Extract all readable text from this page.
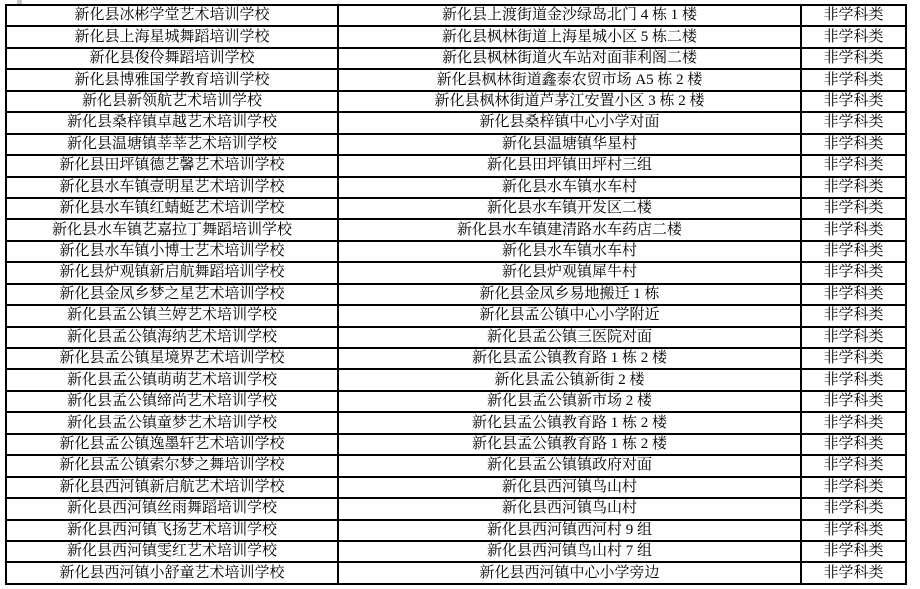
新化县冰彬学堂艺术培训学校	新化县上渡街道金沙绿岛北门 4 栋 1 楼	非学科类
新化县上海星城舞蹈培训学校	新化县枫林街道上海星城小区 5 栋二楼	非学科类
新化县俊伶舞蹈培训学校	新化县枫林街道火车站对面菲利阁二楼	非学科类
新化县博雅国学教育培训学校	新化县枫林街道鑫泰农贸市场 A5 栋 2 楼	非学科类
新化县新领航艺术培训学校	新化县枫林街道芦茅江安置小区 3 栋 2 楼	非学科类
新化县桑梓镇卓越艺术培训学校	新化县桑梓镇中心小学对面	非学科类
新化县温塘镇莘莘艺术培训学校	新化县温塘镇华星村	非学科类
新化县田坪镇德艺馨艺术培训学校	新化县田坪镇田坪村三组	非学科类
新化县水车镇壹明星艺术培训学校	新化县水车镇水车村	非学科类
新化县水车镇红蜻蜓艺术培训学校	新化县水车镇开发区二楼	非学科类
新化县水车镇艺嘉拉丁舞蹈培训学校	新化县水车镇建清路水车药店二楼	非学科类
新化县水车镇小博士艺术培训学校	新化县水车镇水车村	非学科类
新化县炉观镇新启航舞蹈培训学校	新化县炉观镇犀牛村	非学科类
新化县金凤乡梦之星艺术培训学校	新化县金凤乡易地搬迁 1 栋	非学科类
新化县孟公镇兰婷艺术培训学校	新化县孟公镇中心小学附近	非学科类
新化县孟公镇海纳艺术培训学校	新化县孟公镇三医院对面	非学科类
新化县孟公镇星境界艺术培训学校	新化县孟公镇教育路 1 栋 2 楼	非学科类
新化县孟公镇萌萌艺术培训学校	新化县孟公镇新街 2 楼	非学科类
新化县孟公镇缔尚艺术培训学校	新化县孟公镇新市场 2 楼	非学科类
新化县孟公镇童梦艺术培训学校	新化县孟公镇教育路 1 栋 2 楼	非学科类
新化县孟公镇逸墨轩艺术培训学校	新化县孟公镇教育路 1 栋 2 楼	非学科类
新化县孟公镇索尔梦之舞培训学校	新化县孟公镇镇政府对面	非学科类
新化县西河镇新启航艺术培训学校	新化县西河镇鸟山村	非学科类
新化县西河镇丝雨舞蹈培训学校	新化县西河镇鸟山村	非学科类
新化县西河镇飞扬艺术培训学校	新化县西河镇西河村 9 组	非学科类
新化县西河镇雯红艺术培训学校	新化县西河镇鸟山村 7 组	非学科类
新化县西河镇小舒童艺术培训学校	新化县西河镇中心小学旁边	非学科类
